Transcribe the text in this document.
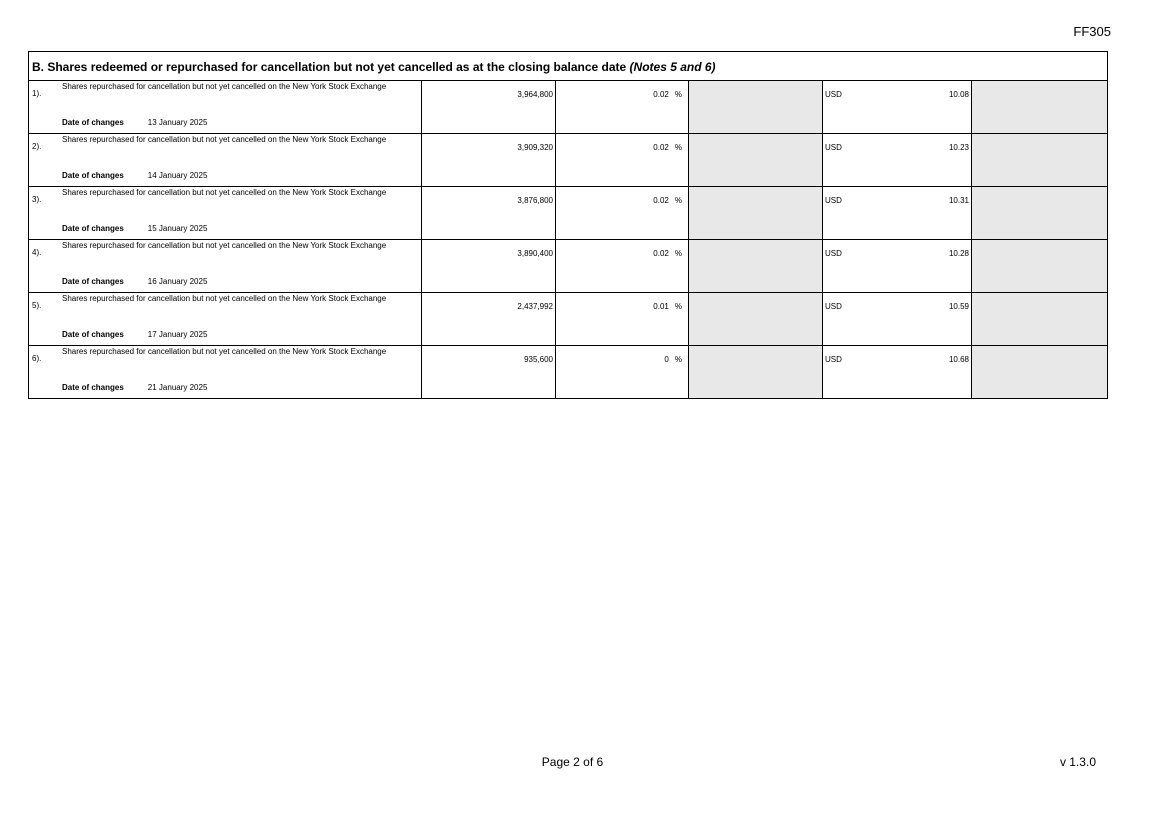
FF305
B. Shares redeemed or repurchased for cancellation but not yet cancelled as at the closing balance date (Notes 5 and 6)
1).
Shares repurchased for cancellation but not yet cancelled on the New York Stock Exchange
Date of changes 13 January 2025	3,964,800	0.02 %		USD 10.08	

2).
Shares repurchased for cancellation but not yet cancelled on the New York Stock Exchange
Date of changes 14 January 2025	3,909,320	0.02 %		USD 10.23	

3).
Shares repurchased for cancellation but not yet cancelled on the New York Stock Exchange
Date of changes 15 January 2025	3,876,800	0.02 %		USD 10.31	

4).
Shares repurchased for cancellation but not yet cancelled on the New York Stock Exchange
Date of changes 16 January 2025	3,890,400	0.02 %		USD 10.28	

5).
Shares repurchased for cancellation but not yet cancelled on the New York Stock Exchange
Date of changes 17 January 2025	2,437,992	0.01 %		USD 10.59	

6).
Shares repurchased for cancellation but not yet cancelled on the New York Stock Exchange
Date of changes 21 January 2025	935,600	0 %		USD 10.68	

Page 2 of 6	v 1.3.0
